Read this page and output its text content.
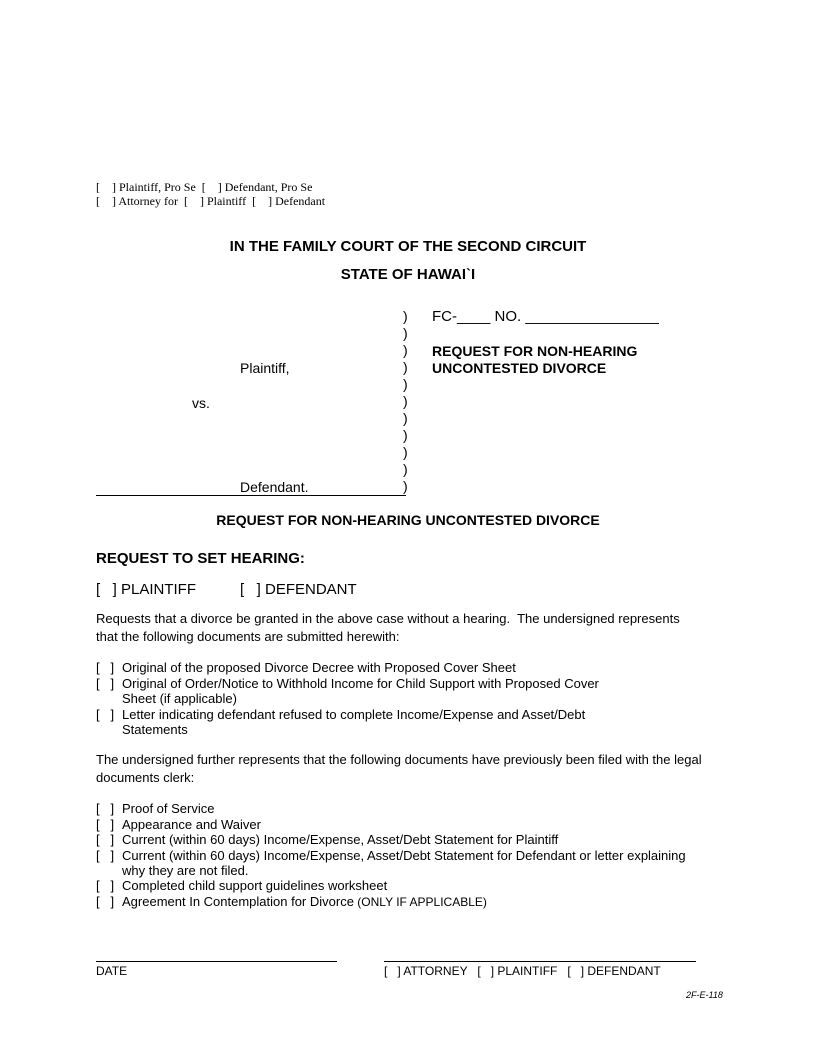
[    ] Plaintiff, Pro Se  [    ] Defendant, Pro Se
[    ] Attorney for  [    ] Plaintiff  [    ] Defendant
IN THE FAMILY COURT OF THE SECOND CIRCUIT
STATE OF HAWAI`I
Plaintiff,
vs.
Defendant.
)
)
)
)
)
)
)
)
)
)
)
FC-____ NO. ________________
REQUEST FOR NON-HEARING
UNCONTESTED DIVORCE
REQUEST FOR NON-HEARING UNCONTESTED DIVORCE
REQUEST TO SET HEARING:
[   ] PLAINTIFF	[   ] DEFENDANT
Requests that a divorce be granted in the above case without a hearing.  The undersigned represents
that the following documents are submitted herewith:
[   ] Original of the proposed Divorce Decree with Proposed Cover Sheet
[   ] Original of Order/Notice to Withhold Income for Child Support with Proposed Cover
Sheet (if applicable)
[   ] Letter indicating defendant refused to complete Income/Expense and Asset/Debt
Statements
The undersigned further represents that the following documents have previously been filed with the legal
documents clerk:
[   ] Proof of Service
[   ] Appearance and Waiver
[   ] Current (within 60 days) Income/Expense, Asset/Debt Statement for Plaintiff
[   ] Current (within 60 days) Income/Expense, Asset/Debt Statement for Defendant or letter explaining
why they are not filed.
[   ] Completed child support guidelines worksheet
[   ] Agreement In Contemplation for Divorce (ONLY IF APPLICABLE)
DATE	[   ] ATTORNEY   [   ] PLAINTIFF   [   ] DEFENDANT
2F-E-118
